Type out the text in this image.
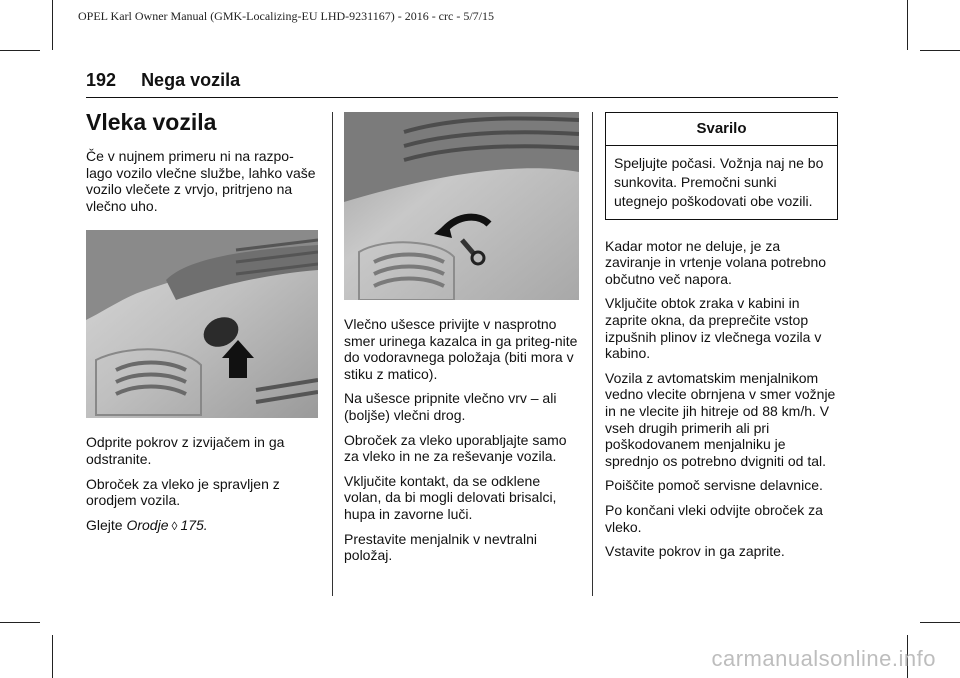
OPEL Karl Owner Manual (GMK-Localizing-EU LHD-9231167) - 2016 - crc - 5/7/15
192 Nega vozila
Vleka vozila

Če v nujnem primeru ni na razpo-lago vozilo vlečne službe, lahko vaše vozilo vlečete z vrvjo, pritrjeno na vlečno uho.

Odprite pokrov z izvijačem in ga odstranite.

Obroček za vleko je spravljen z orodjem vozila.

Glejte Orodje ◊ 175.

Vlečno ušesce privijte v nasprotno smer urinega kazalca in ga priteg-nite do vodoravnega položaja (biti mora v stiku z matico).

Na ušesce pripnite vlečno vrv – ali (boljše) vlečni drog.

Obroček za vleko uporabljajte samo za vleko in ne za reševanje vozila.

Vključite kontakt, da se odklene volan, da bi mogli delovati brisalci, hupa in zavorne luči.

Prestavite menjalnik v nevtralni položaj.

Svarilo
Speljujte počasi. Vožnja naj ne bo sunkovita. Premočni sunki utegnejo poškodovati obe vozili.

Kadar motor ne deluje, je za zaviranje in vrtenje volana potrebno občutno več napora.

Vključite obtok zraka v kabini in zaprite okna, da preprečite vstop izpušnih plinov iz vlečnega vozila v kabino.

Vozila z avtomatskim menjalnikom vedno vlecite obrnjena v smer vožnje in ne vlecite jih hitreje od 88 km/h. V vseh drugih primerih ali pri poškodovanem menjalniku je sprednjo os potrebno dvigniti od tal.

Poiščite pomoč servisne delavnice.

Po končani vleki odvijte obroček za vleko.

Vstavite pokrov in ga zaprite.

carmanualsonline.info
